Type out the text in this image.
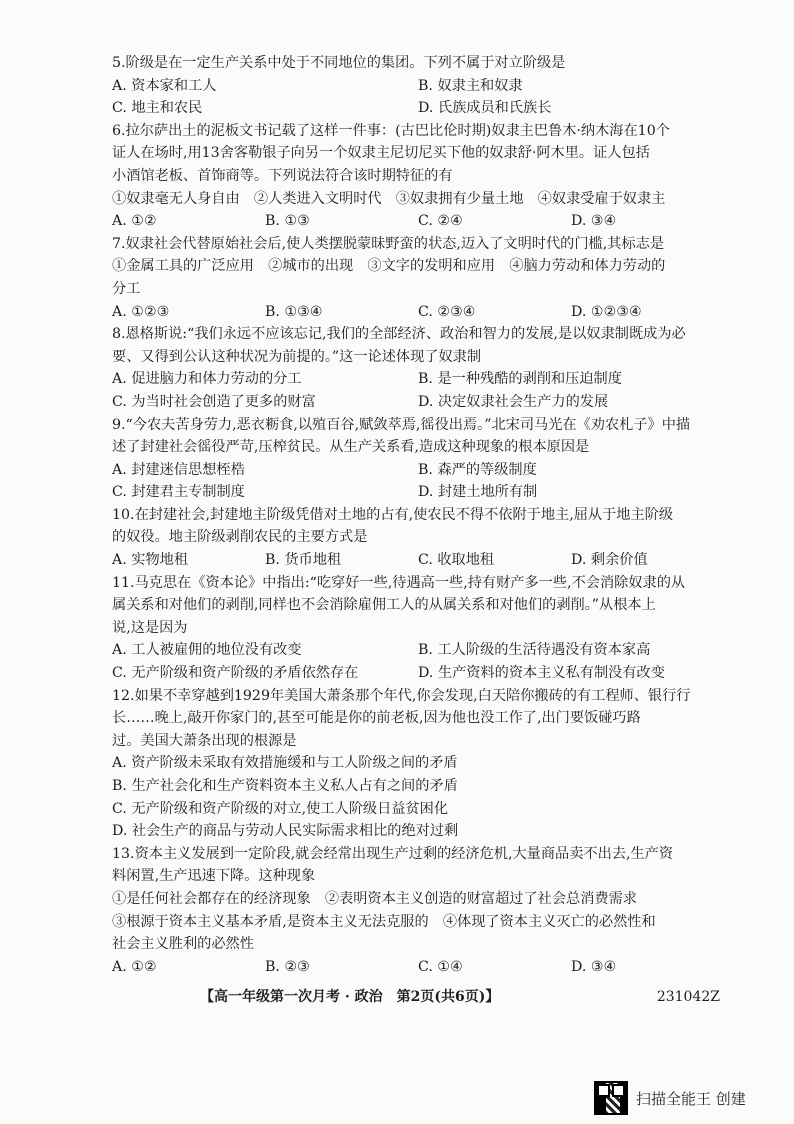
5.阶级是在一定生产关系中处于不同地位的集团。下列不属于对立阶级是
A. 资本家和工人	B. 奴隶主和奴隶
C. 地主和农民	D. 氏族成员和氏族长
6.拉尔萨出土的泥板文书记载了这样一件事：(古巴比伦时期)奴隶主巴鲁木·纳木海在10个
证人在场时,用13舍客勒银子向另一个奴隶主尼切尼买下他的奴隶舒·阿木里。证人包括
小酒馆老板、首饰商等。下列说法符合该时期特征的有
①奴隶毫无人身自由　②人类进入文明时代　③奴隶拥有少量土地　④奴隶受雇于奴隶主
A. ①②	B. ①③	C. ②④	D. ③④
7.奴隶社会代替原始社会后,使人类摆脱蒙昧野蛮的状态,迈入了文明时代的门槛,其标志是
①金属工具的广泛应用　②城市的出现　③文字的发明和应用　④脑力劳动和体力劳动的
分工
A. ①②③	B. ①③④	C. ②③④	D. ①②③④
8.恩格斯说:“我们永远不应该忘记,我们的全部经济、政治和智力的发展,是以奴隶制既成为必
要、又得到公认这种状况为前提的。”这一论述体现了奴隶制
A. 促进脑力和体力劳动的分工	B. 是一种残酷的剥削和压迫制度
C. 为当时社会创造了更多的财富	D. 决定奴隶社会生产力的发展
9.“今农夫苦身劳力,恶衣粝食,以殖百谷,赋敛萃焉,徭役出焉。”北宋司马光在《劝农札子》中描
述了封建社会徭役严苛,压榨贫民。从生产关系看,造成这种现象的根本原因是
A. 封建迷信思想桎梏	B. 森严的等级制度
C. 封建君主专制制度	D. 封建土地所有制
10.在封建社会,封建地主阶级凭借对土地的占有,使农民不得不依附于地主,屈从于地主阶级
的奴役。地主阶级剥削农民的主要方式是
A. 实物地租	B. 货币地租	C. 收取地租	D. 剩余价值
11.马克思在《资本论》中指出:“吃穿好一些,待遇高一些,持有财产多一些,不会消除奴隶的从
属关系和对他们的剥削,同样也不会消除雇佣工人的从属关系和对他们的剥削。”从根本上
说,这是因为
A. 工人被雇佣的地位没有改变	B. 工人阶级的生活待遇没有资本家高
C. 无产阶级和资产阶级的矛盾依然存在	D. 生产资料的资本主义私有制没有改变
12.如果不幸穿越到1929年美国大萧条那个年代,你会发现,白天陪你搬砖的有工程师、银行行
长……晚上,敲开你家门的,甚至可能是你的前老板,因为他也没工作了,出门要饭碰巧路
过。美国大萧条出现的根源是
A. 资产阶级未采取有效措施缓和与工人阶级之间的矛盾
B. 生产社会化和生产资料资本主义私人占有之间的矛盾
C. 无产阶级和资产阶级的对立,使工人阶级日益贫困化
D. 社会生产的商品与劳动人民实际需求相比的绝对过剩
13.资本主义发展到一定阶段,就会经常出现生产过剩的经济危机,大量商品卖不出去,生产资
料闲置,生产迅速下降。这种现象
①是任何社会都存在的经济现象　②表明资本主义创造的财富超过了社会总消费需求
③根源于资本主义基本矛盾,是资本主义无法克服的　④体现了资本主义灭亡的必然性和
社会主义胜利的必然性
A. ①②	B. ②③	C. ①④	D. ③④
【高一年级第一次月考 · 政治　第2页(共6页)】	231042Z
扫描全能王 创建
